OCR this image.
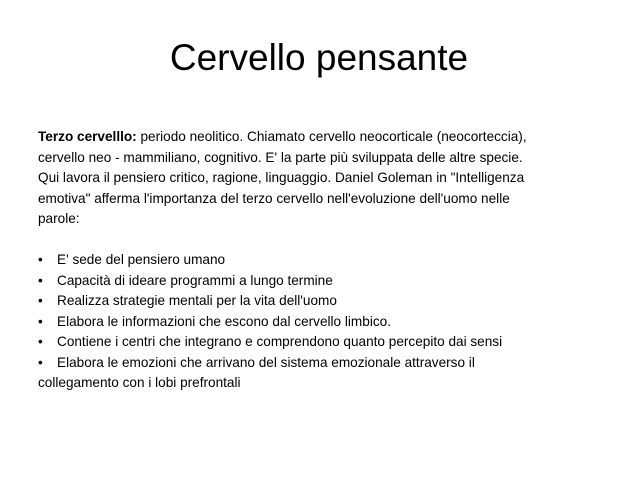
Cervello pensante
Terzo cervelllo: periodo neolitico. Chiamato cervello neocorticale (neocorteccia),
cervello neo - mammiliano, cognitivo. E' la parte più sviluppata delle altre specie.
Qui lavora il pensiero critico, ragione, linguaggio. Daniel Goleman in "Intelligenza
emotiva" afferma l'importanza del terzo cervello nell'evoluzione dell'uomo nelle
parole:
• E' sede del pensiero umano
• Capacità di ideare programmi a lungo termine
• Realizza strategie mentali per la vita dell'uomo
• Elabora le informazioni che escono dal cervello limbico.
• Contiene i centri che integrano e comprendono quanto percepito dai sensi
• Elabora le emozioni che arrivano del sistema emozionale attraverso il
collegamento con i lobi prefrontali
